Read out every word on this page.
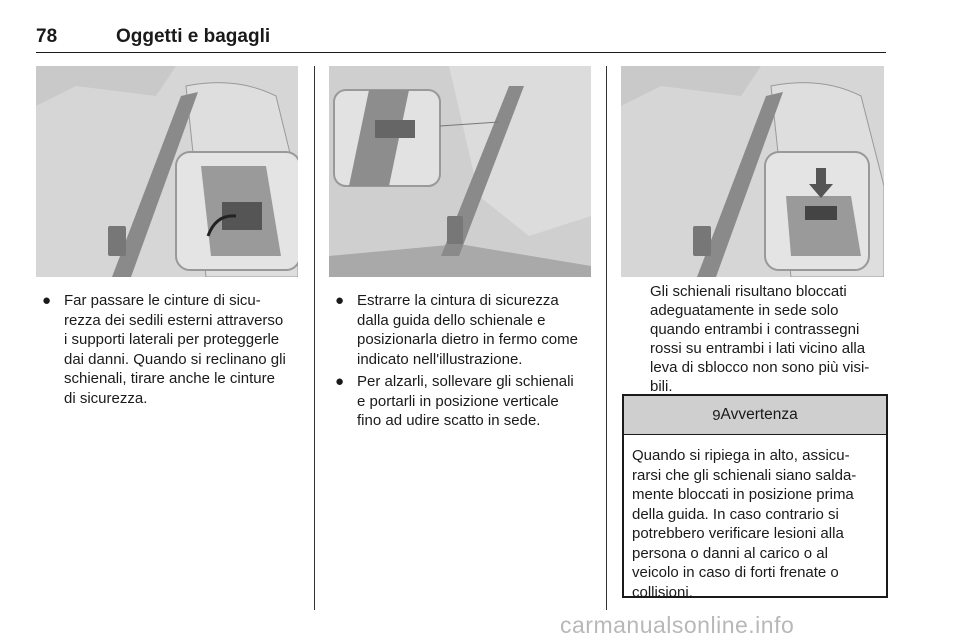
78	Oggetti e bagagli
● Far passare le cinture di sicu-
rezza dei sedili esterni attraverso
i supporti laterali per proteggerle
dai danni. Quando si reclinano gli
schienali, tirare anche le cinture
di sicurezza.
● Estrarre la cintura di sicurezza
dalla guida dello schienale e
posizionarla dietro in fermo come
indicato nell'illustrazione.
● Per alzarli, sollevare gli schienali
e portarli in posizione verticale
fino ad udire scatto in sede.
Gli schienali risultano bloccati
adeguatamente in sede solo
quando entrambi i contrassegni
rossi su entrambi i lati vicino alla
leva di sblocco non sono più visi-
bili.
9 Avvertenza
Quando si ripiega in alto, assicu-
rarsi che gli schienali siano salda-
mente bloccati in posizione prima
della guida. In caso contrario si
potrebbero verificare lesioni alla
persona o danni al carico o al
veicolo in caso di forti frenate o
collisioni.
carmanualsonline.info
